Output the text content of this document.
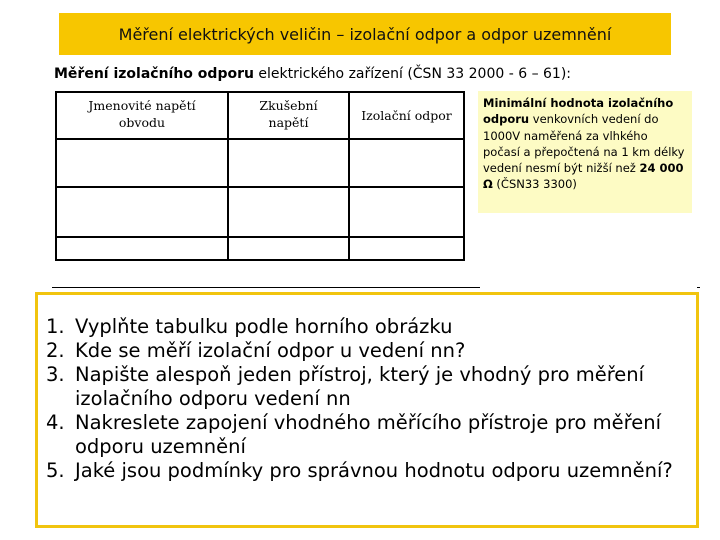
Měření elektrických veličin – izolační odpor a odpor uzemnění
Měření izolačního odporu elektrického zařízení (ČSN 33 2000 - 6 – 61):
Jmenovité napětí obvodu	Zkušební napětí	Izolační odpor

Minimální hodnota izolačního odporu venkovních vedení do 1000V naměřená za vlhkého počasí a přepočtená na 1 km délky vedení nesmí být nižší než 24 000 Ω (ČSN33 3300)
1. Vyplňte tabulku podle horního obrázku
2. Kde se měří izolační odpor u vedení nn?
3. Napište alespoň jeden přístroj, který je vhodný pro měření izolačního odporu vedení nn
4. Nakreslete zapojení vhodného měřícího přístroje pro měření odporu uzemnění
5. Jaké jsou podmínky pro správnou hodnotu odporu uzemnění?
